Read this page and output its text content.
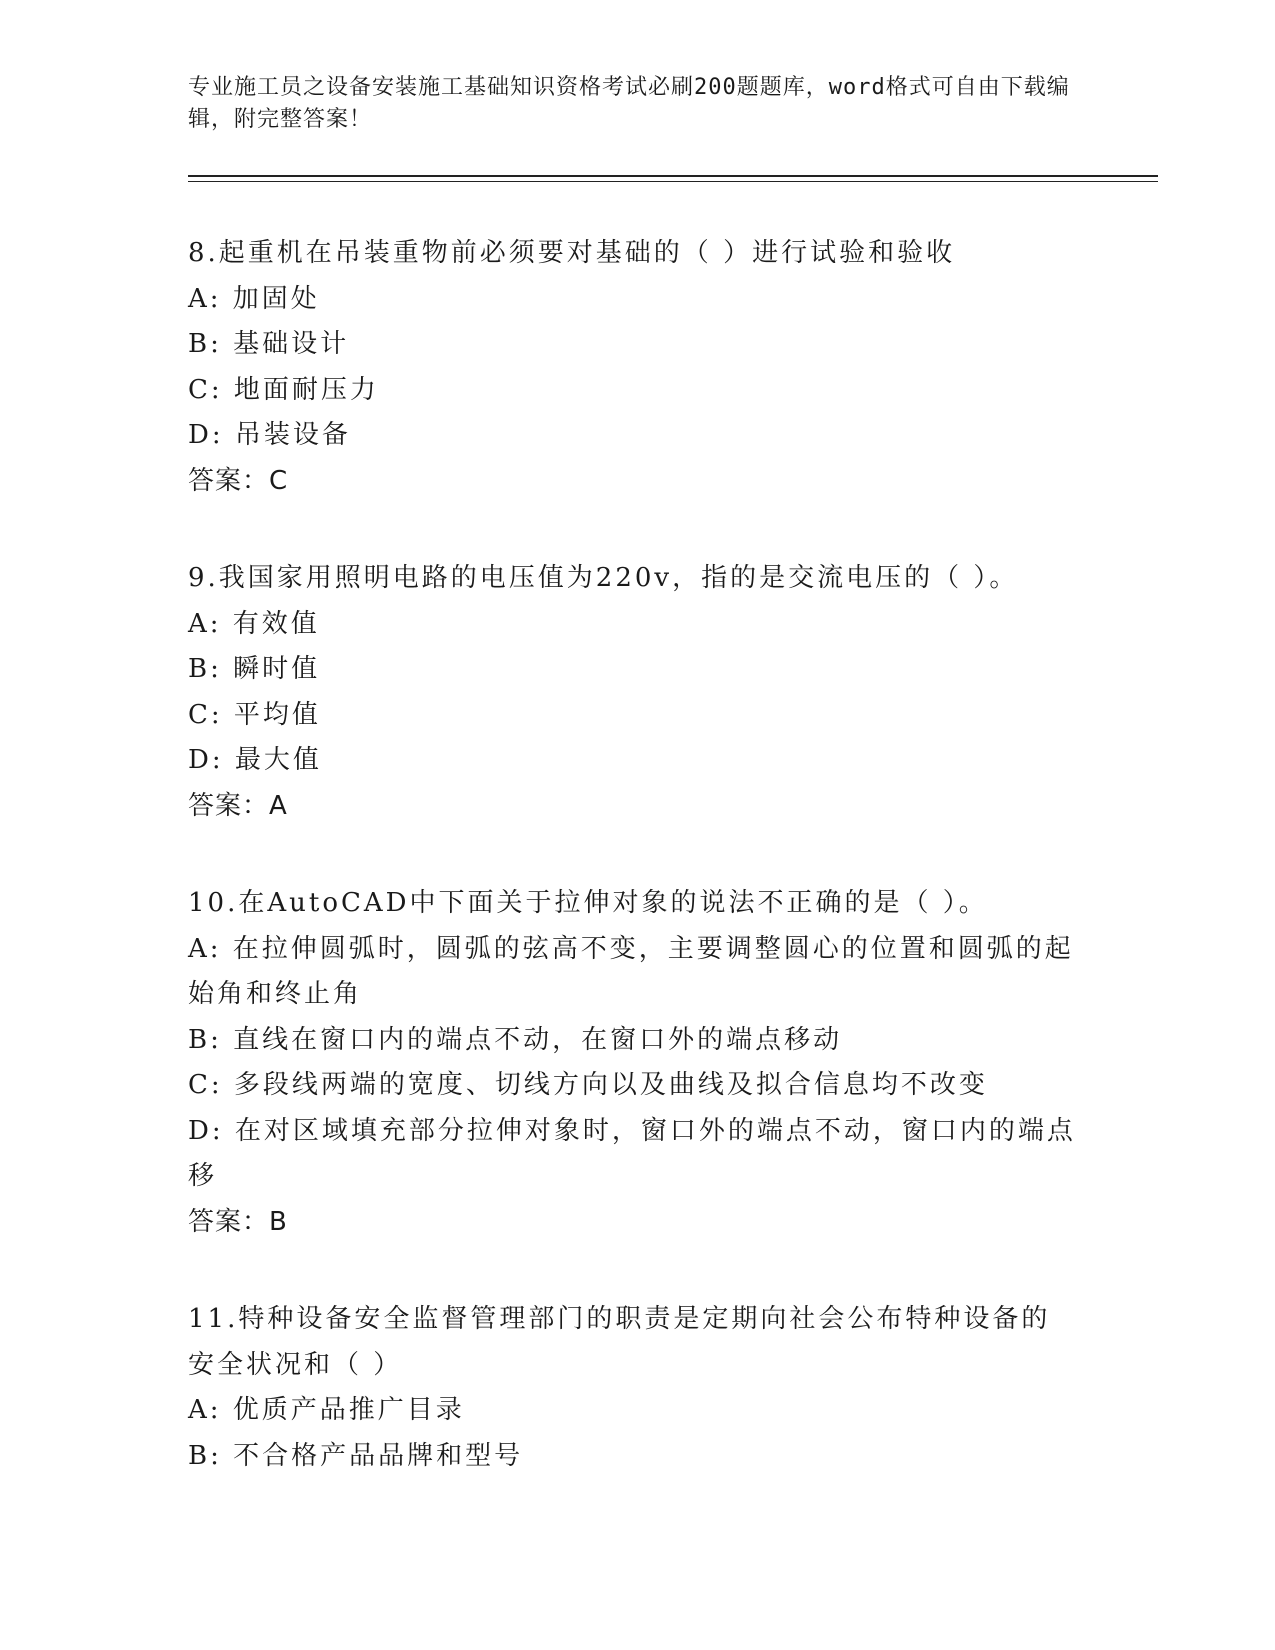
专业施工员之设备安装施工基础知识资格考试必刷200题题库，word格式可自由下载编辑，附完整答案！
8.起重机在吊装重物前必须要对基础的（ ）进行试验和验收
A: 加固处
B: 基础设计
C: 地面耐压力
D: 吊装设备
答案：C
9.我国家用照明电路的电压值为220v，指的是交流电压的（ ）。
A: 有效值
B: 瞬时值
C: 平均值
D: 最大值
答案：A
10.在AutoCAD中下面关于拉伸对象的说法不正确的是（ ）。
A: 在拉伸圆弧时，圆弧的弦高不变，主要调整圆心的位置和圆弧的起始角和终止角
B: 直线在窗口内的端点不动，在窗口外的端点移动
C: 多段线两端的宽度、切线方向以及曲线及拟合信息均不改变
D: 在对区域填充部分拉伸对象时，窗口外的端点不动，窗口内的端点移
答案：B
11.特种设备安全监督管理部门的职责是定期向社会公布特种设备的安全状况和（ ）
A: 优质产品推广目录
B: 不合格产品品牌和型号
